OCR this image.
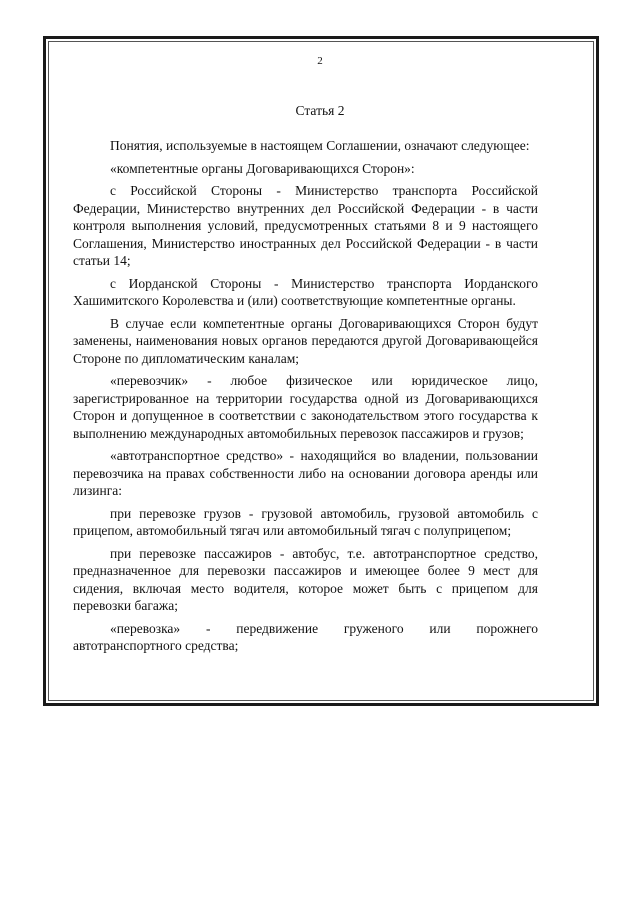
2
Статья 2

Понятия, используемые в настоящем Соглашении, означают следующее:

«компетентные органы Договаривающихся Сторон»:

с Российской Стороны - Министерство транспорта Российской Федерации, Министерство внутренних дел Российской Федерации - в части контроля выполнения условий, предусмотренных статьями 8 и 9 настоящего Соглашения, Министерство иностранных дел Российской Федерации - в части статьи 14;

с Иорданской Стороны - Министерство транспорта Иорданского Хашимитского Королевства и (или) соответствующие компетентные органы.

В случае если компетентные органы Договаривающихся Сторон будут заменены, наименования новых органов передаются другой Договаривающейся Стороне по дипломатическим каналам;

«перевозчик» - любое физическое или юридическое лицо, зарегистрированное на территории государства одной из Договаривающихся Сторон и допущенное в соответствии с законодательством этого государства к выполнению международных автомобильных перевозок пассажиров и грузов;

«автотранспортное средство» - находящийся во владении, пользовании перевозчика на правах собственности либо на основании договора аренды или лизинга:

при перевозке грузов - грузовой автомобиль, грузовой автомобиль с прицепом, автомобильный тягач или автомобильный тягач с полуприцепом;

при перевозке пассажиров - автобус, т.е. автотранспортное средство, предназначенное для перевозки пассажиров и имеющее более 9 мест для сидения, включая место водителя, которое может быть с прицепом для перевозки багажа;

«перевозка» - передвижение груженого или порожнего автотранспортного средства;
